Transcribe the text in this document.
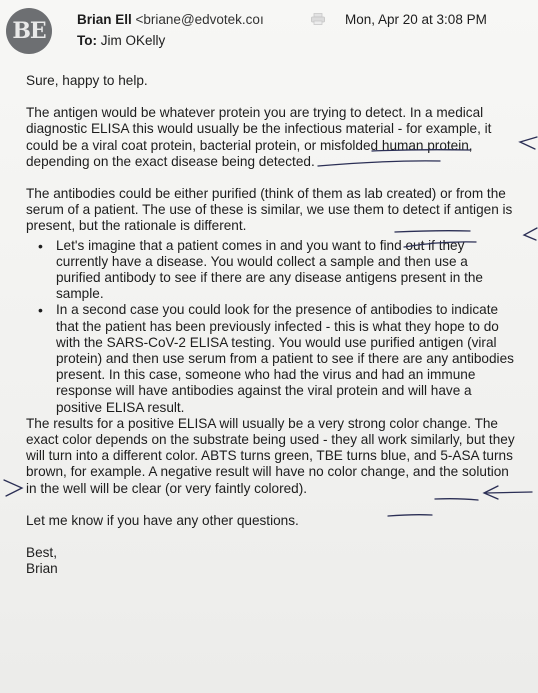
BE	Brian Ell <briane@edvotek.coı	Mon, Apr 20 at 3:08 PM
To: Jim OKelly

Sure, happy to help.

The antigen would be whatever protein you are trying to detect. In a medical diagnostic ELISA this would usually be the infectious material - for example, it could be a viral coat protein, bacterial protein, or misfolded human protein, depending on the exact disease being detected.

The antibodies could be either purified (think of them as lab created) or from the serum of a patient. The use of these is similar, we use them to detect if antigen is present, but the rationale is different.

• Let's imagine that a patient comes in and you want to find out if they currently have a disease. You would collect a sample and then use a purified antibody to see if there are any disease antigens present in the sample.
• In a second case you could look for the presence of antibodies to indicate that the patient has been previously infected - this is what they hope to do with the SARS-CoV-2 ELISA testing. You would use purified antigen (viral protein) and then use serum from a patient to see if there are any antibodies present. In this case, someone who had the virus and had an immune response will have antibodies against the viral protein and will have a positive ELISA result.

The results for a positive ELISA will usually be a very strong color change. The exact color depends on the substrate being used - they all work similarly, but they will turn into a different color. ABTS turns green, TBE turns blue, and 5-ASA turns brown, for example. A negative result will have no color change, and the solution in the well will be clear (or very faintly colored).

Let me know if you have any other questions.

Best,

Brian
